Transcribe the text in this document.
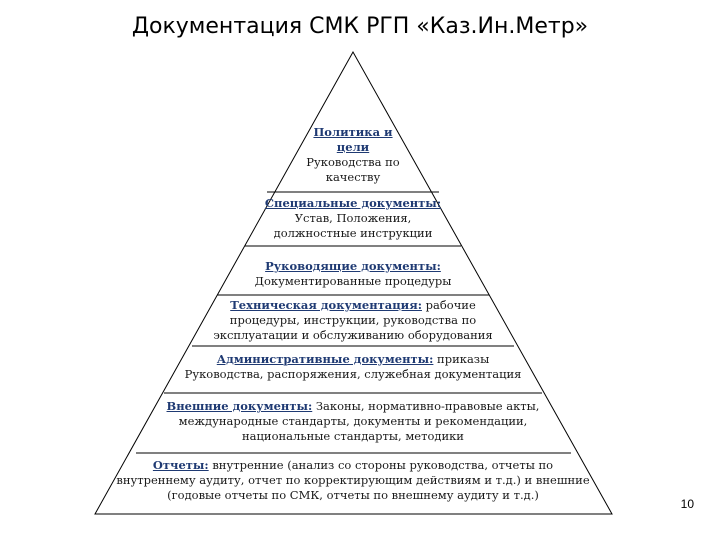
Документация СМК РГП «Каз.Ин.Метр»
Политика и
цели
Руководства по
качеству
Специальные документы:
Устав, Положения,
должностные инструкции
Руководящие документы:
Документированные процедуры
Техническая документация: рабочие
процедуры, инструкции, руководства по
эксплуатации и обслуживанию оборудования
Административные документы: приказы
Руководства, распоряжения, служебная документация
Внешние документы: Законы, нормативно-правовые акты,
международные стандарты, документы и рекомендации,
национальные стандарты, методики
Отчеты: внутренние (анализ со стороны руководства, отчеты по
внутреннему аудиту, отчет по корректирующим действиям и т.д.) и внешние
(годовые отчеты по СМК, отчеты по внешнему аудиту и т.д.)
10
